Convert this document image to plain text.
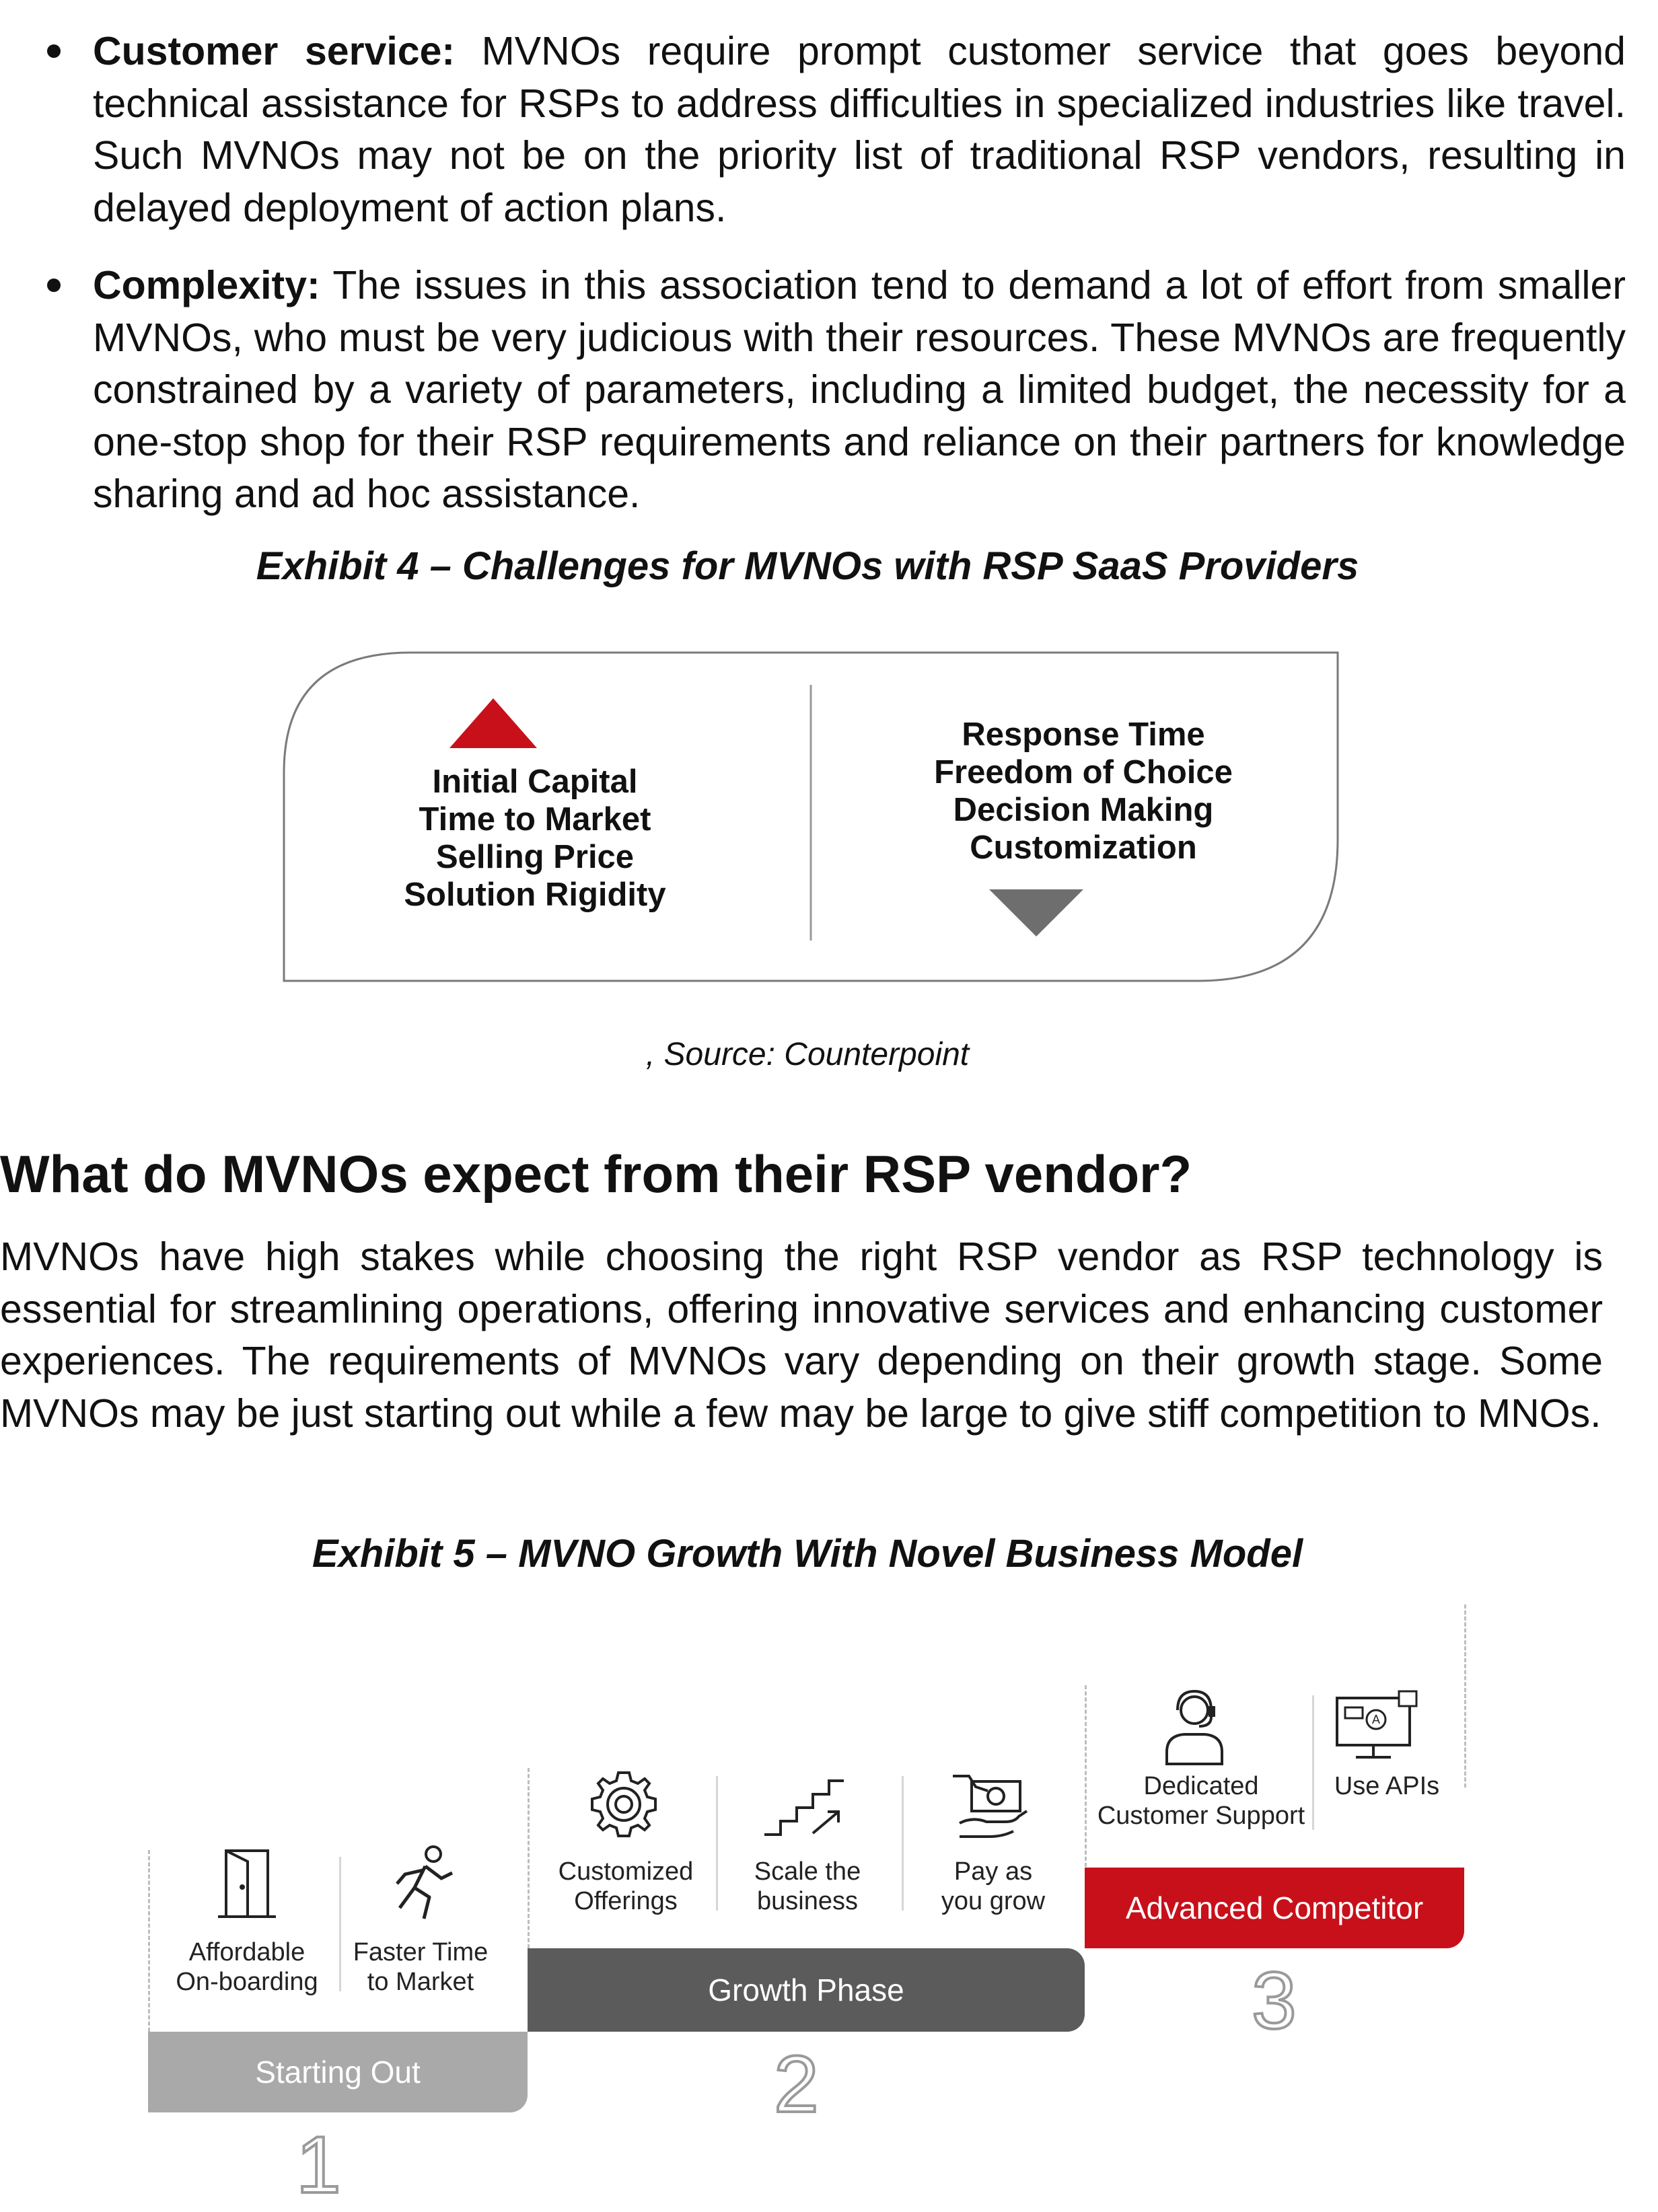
Customer service: MVNOs require prompt customer service that goes beyond technical assistance for RSPs to address difficulties in specialized industries like travel. Such MVNOs may not be on the priority list of traditional RSP vendors, resulting in delayed deployment of action plans.

Complexity: The issues in this association tend to demand a lot of effort from smaller MVNOs, who must be very judicious with their resources. These MVNOs are frequently constrained by a variety of parameters, including a limited budget, the necessity for a one-stop shop for their RSP requirements and reliance on their partners for knowledge sharing and ad hoc assistance.

Exhibit 4 – Challenges for MVNOs with RSP SaaS Providers
Initial Capital
Time to Market
Selling Price
Solution Rigidity
Response Time
Freedom of Choice
Decision Making
Customization
, Source: Counterpoint
What do MVNOs expect from their RSP vendor?

MVNOs have high stakes while choosing the right RSP vendor as RSP technology is essential for streamlining operations, offering innovative services and enhancing customer experiences. The requirements of MVNOs vary depending on their growth stage. Some MVNOs may be just starting out while a few may be large to give stiff competition to MNOs.

Exhibit 5 – MVNO Growth With Novel Business Model
Affordable
On-boarding
Faster Time
to Market
Customized
Offerings
Scale the
business
Pay as
you grow
A
Dedicated
Customer Support
Use APIs
Starting Out
Growth Phase
Advanced Competitor
1
2
3
